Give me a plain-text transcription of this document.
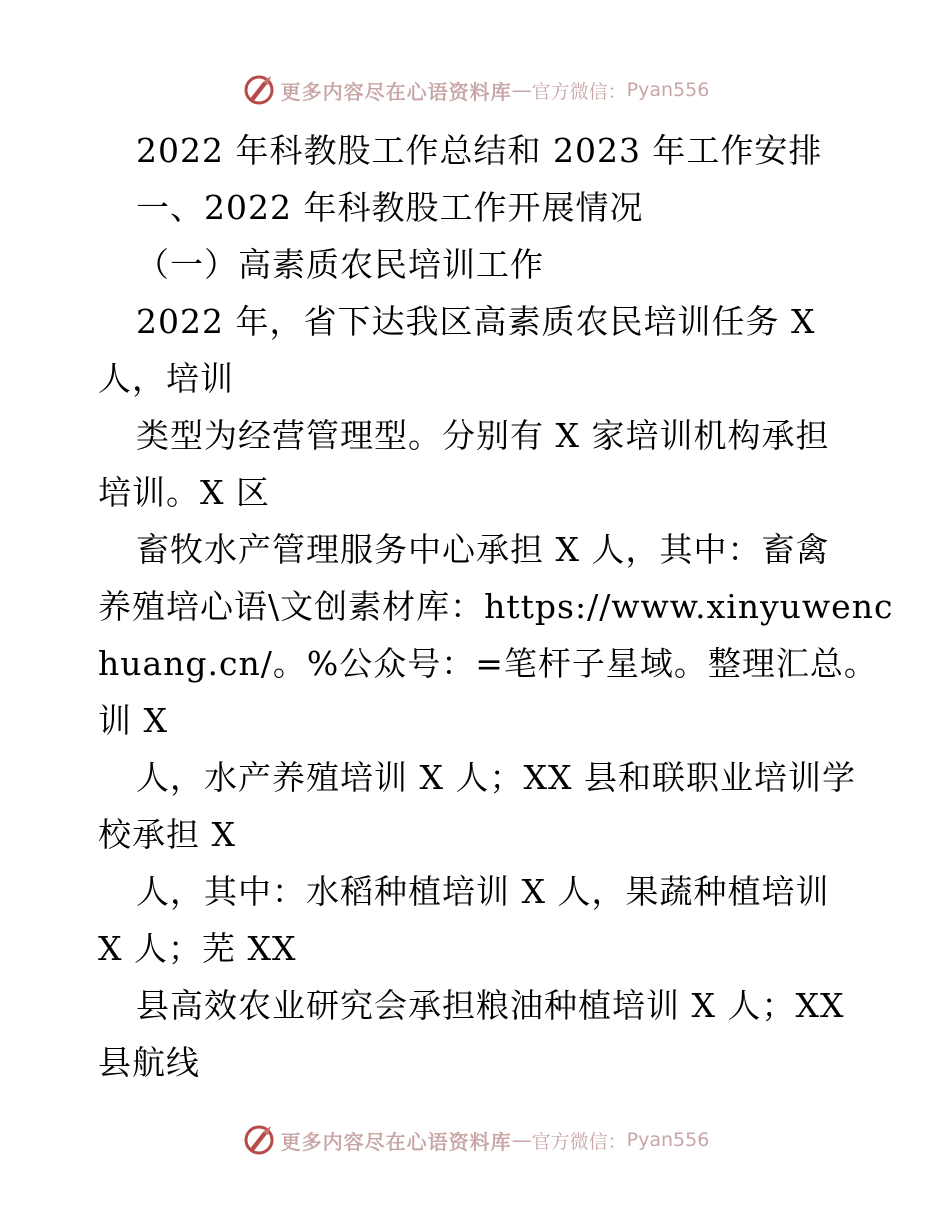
更多内容尽在心语资料库 — 官方微信： Pyan556
2022 年科教股工作总结和 2023 年工作安排
一、2022 年科教股工作开展情况
（一）高素质农民培训工作
2022 年，省下达我区高素质农民培训任务 X
人，培训
类型为经营管理型。分别有 X 家培训机构承担
培训。X 区
畜牧水产管理服务中心承担 X 人，其中：畜禽
养殖培心语\文创素材库：https://www.xinyuwenc
huang.cn/。%公众号：=笔杆子星域。整理汇总。
训 X
人，水产养殖培训 X 人；XX 县和联职业培训学
校承担 X
人，其中：水稻种植培训 X 人，果蔬种植培训
X 人；芜 XX
县高效农业研究会承担粮油种植培训 X 人；XX
县航线
更多内容尽在心语资料库 — 官方微信： Pyan556
